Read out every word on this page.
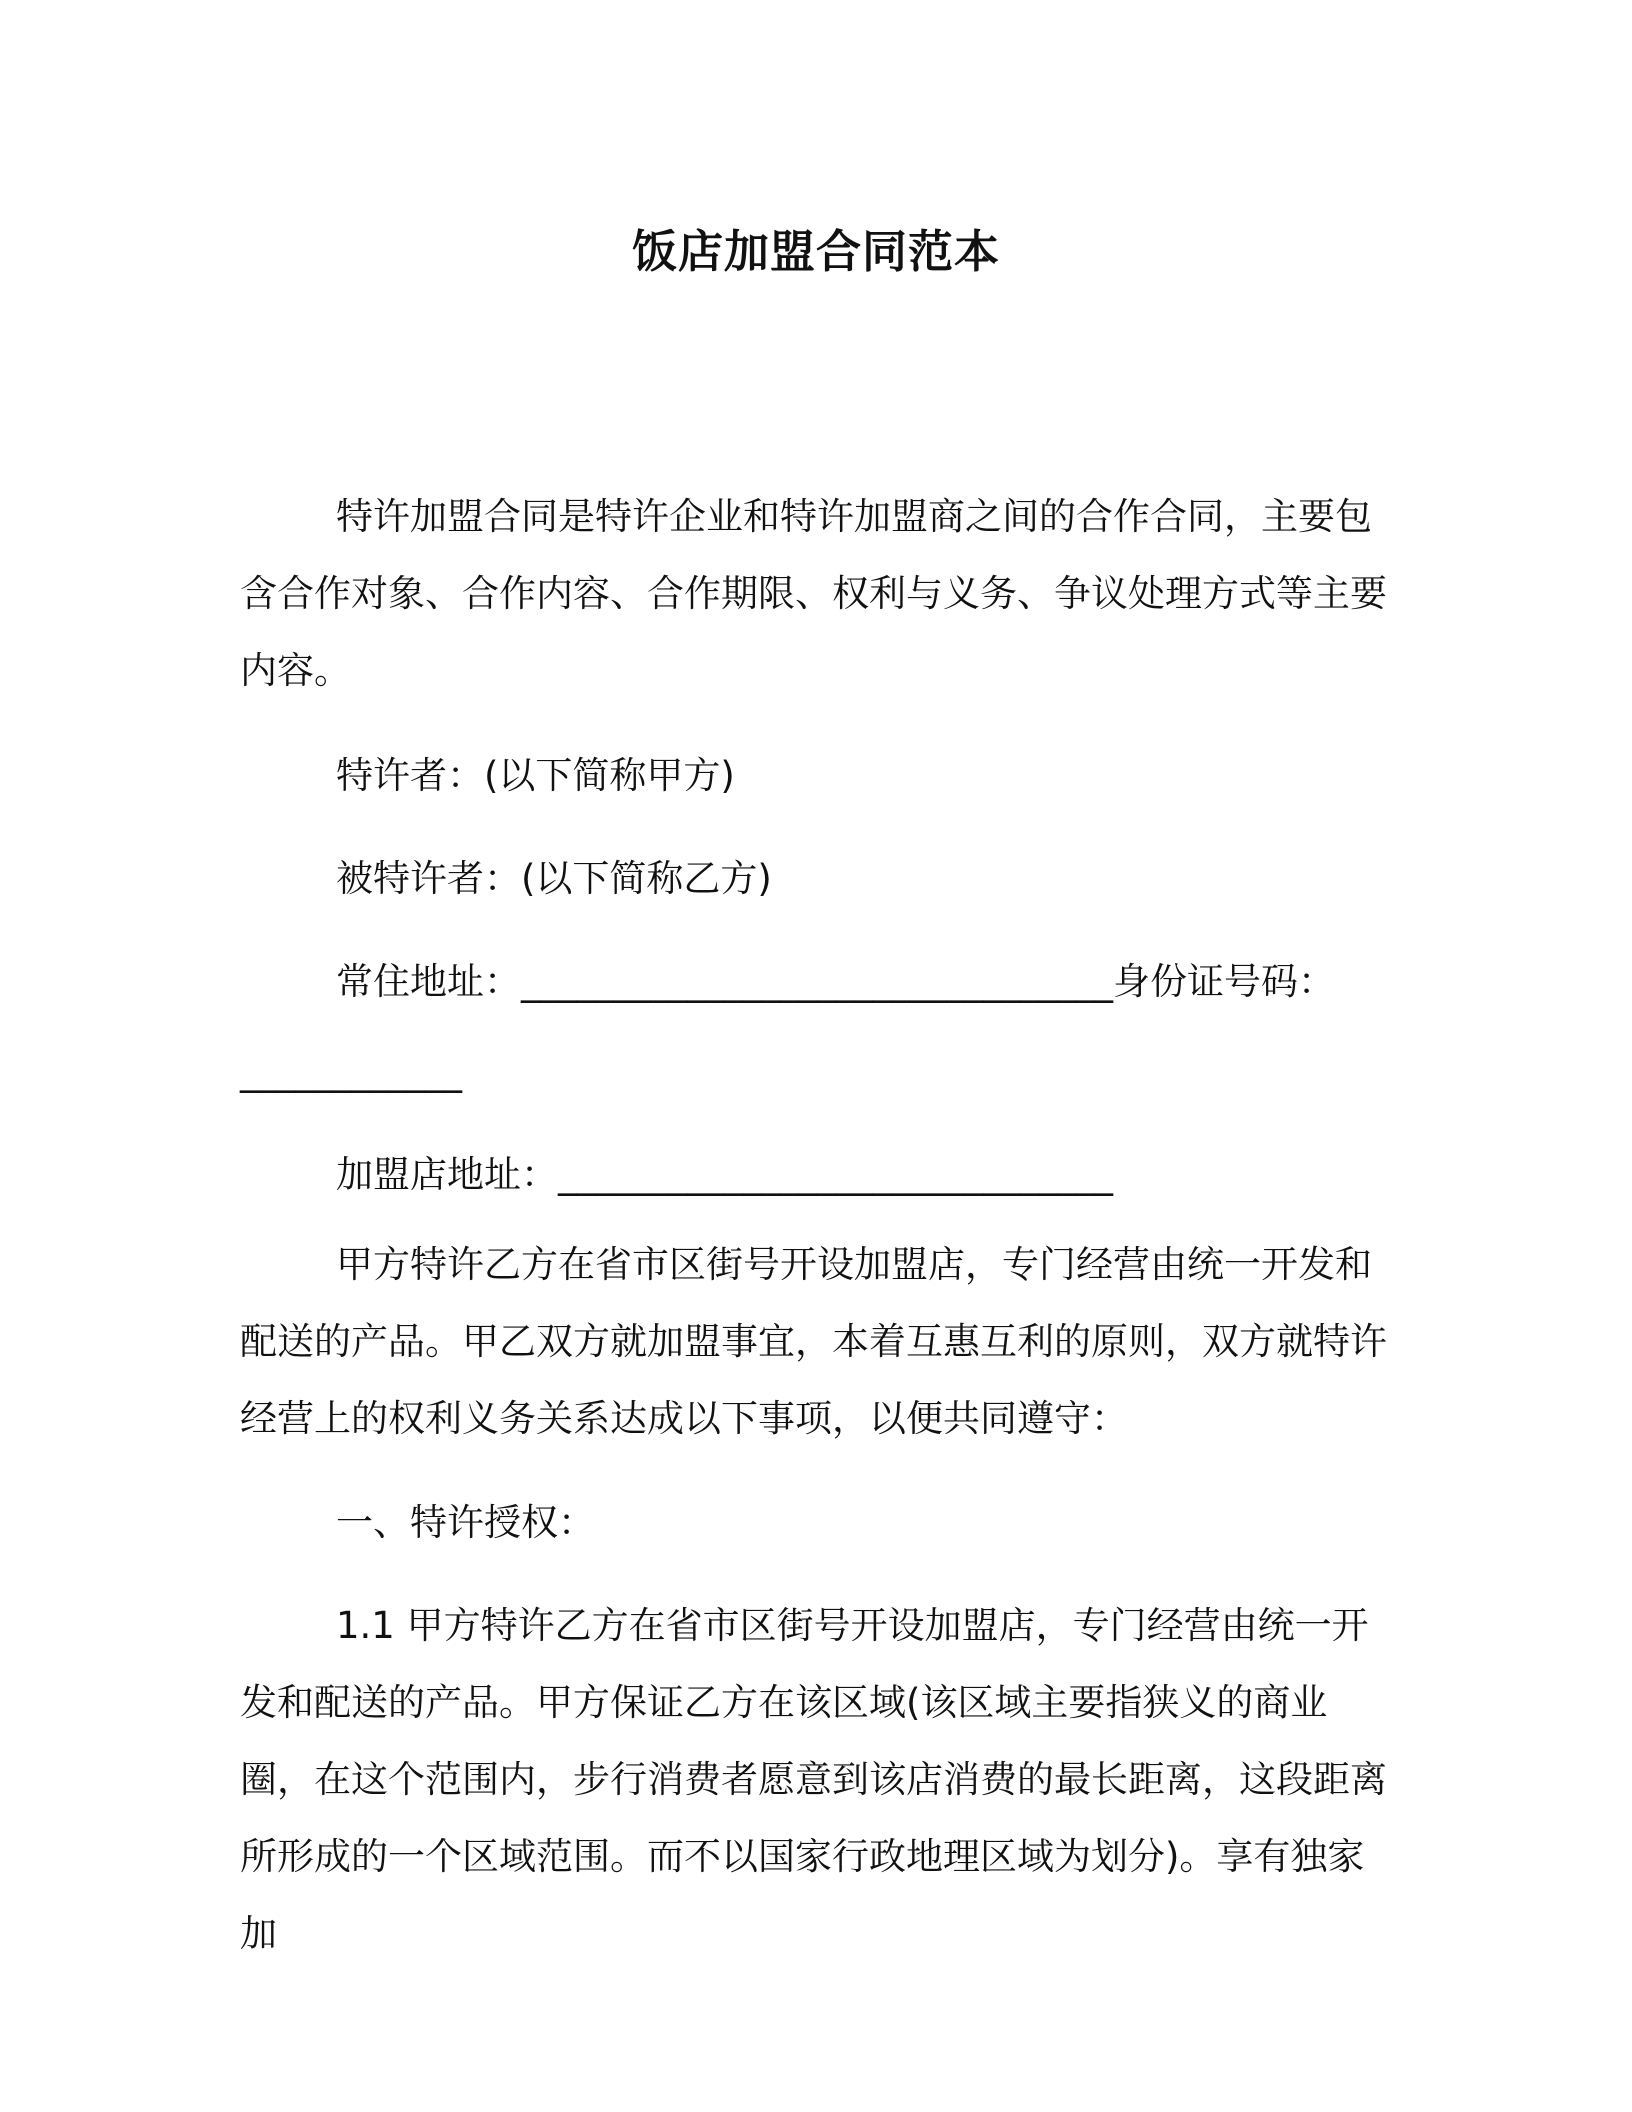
饭店加盟合同范本

特许加盟合同是特许企业和特许加盟商之间的合作合同，主要包含合作对象、合作内容、合作期限、权利与义务、争议处理方式等主要内容。

特许者：(以下简称甲方)

被特许者：(以下简称乙方)

常住地址：________________________________身份证号码：

____________

加盟店地址：______________________________

甲方特许乙方在省市区街号开设加盟店，专门经营由统一开发和配送的产品。甲乙双方就加盟事宜，本着互惠互利的原则，双方就特许经营上的权利义务关系达成以下事项，以便共同遵守：

一、特许授权：

1.1 甲方特许乙方在省市区街号开设加盟店，专门经营由统一开发和配送的产品。甲方保证乙方在该区域(该区域主要指狭义的商业圈，在这个范围内，步行消费者愿意到该店消费的最长距离，这段距离所形成的一个区域范围。而不以国家行政地理区域为划分)。享有独家加
